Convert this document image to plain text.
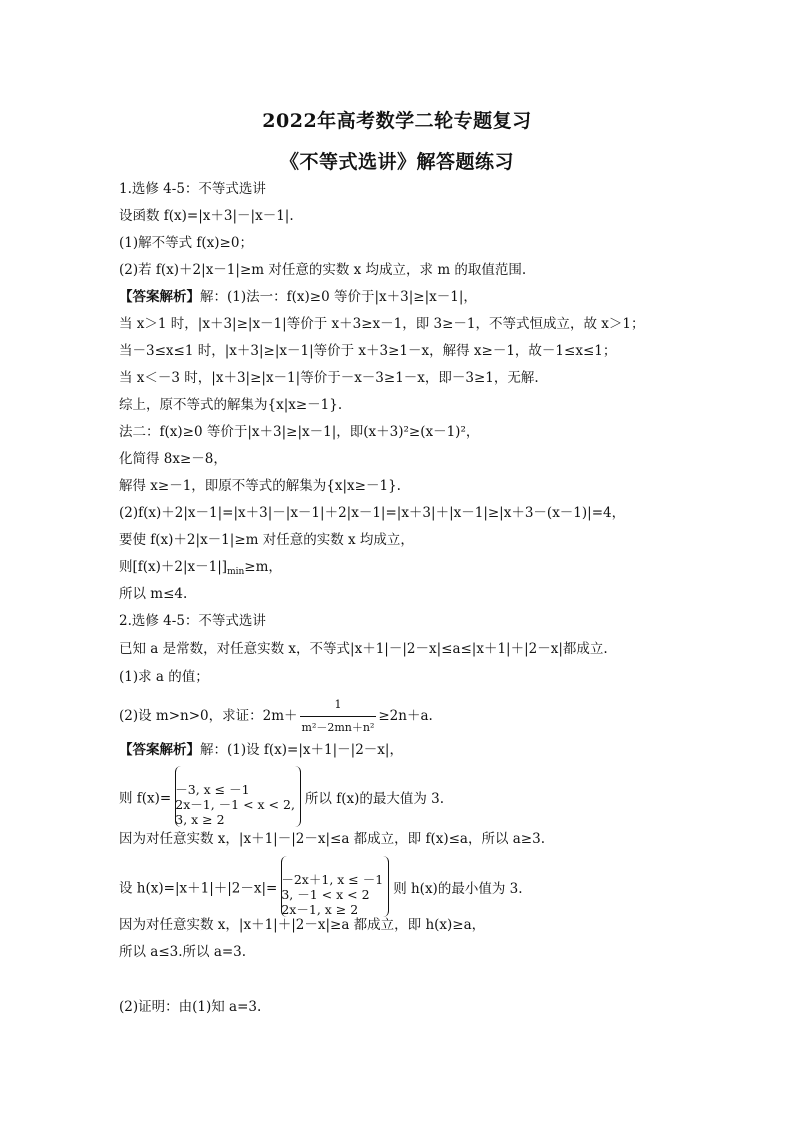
2022年高考数学二轮专题复习
《不等式选讲》解答题练习
1.选修 4-5：不等式选讲
设函数 f(x)=|x＋3|－|x－1|.
(1)解不等式 f(x)≥0；
(2)若 f(x)＋2|x－1|≥m 对任意的实数 x 均成立，求 m 的取值范围.
【答案解析】解：(1)法一：f(x)≥0 等价于|x＋3|≥|x－1|，
当 x＞1 时，|x＋3|≥|x－1|等价于 x＋3≥x－1，即 3≥－1，不等式恒成立，故 x＞1；
当－3≤x≤1 时，|x＋3|≥|x－1|等价于 x＋3≥1－x，解得 x≥－1，故－1≤x≤1；
当 x＜－3 时，|x＋3|≥|x－1|等价于－x－3≥1－x，即－3≥1，无解.
综上，原不等式的解集为{x|x≥－1}.
法二：f(x)≥0 等价于|x＋3|≥|x－1|，即(x＋3)²≥(x－1)²，
化简得 8x≥－8，
解得 x≥－1，即原不等式的解集为{x|x≥－1}.
(2)f(x)＋2|x－1|=|x＋3|－|x－1|＋2|x－1|=|x＋3|＋|x－1|≥|x＋3－(x－1)|=4，
要使 f(x)＋2|x－1|≥m 对任意的实数 x 均成立，
则$[f(x)+2|x-1|]_{min}\ge m$，
所以 m≤4.
2.选修 4-5：不等式选讲
已知 a 是常数，对任意实数 x，不等式|x＋1|－|2－x|≤a≤|x＋1|＋|2－x|都成立.
(1)求 a 的值；
(2)设 m>n>0，求证：$2m+ \frac{1}{\text{m²－2mn＋n²}} \ge 2n+a$.
【答案解析】解：(1)设 f(x)=|x＋1|－|2－x|，
则 f(x)=
－3, x ≤ －1
2x－1, －1 < x < 2,
3, x ≥ 2
所以 f(x)的最大值为 3.
因为对任意实数 x，|x＋1|－|2－x|≤a 都成立，即 f(x)≤a，所以 a≥3.
设 h(x)=|x＋1|＋|2－x|=
－2x＋1, x ≤ －1
3, －1 < x < 2
2x－1, x ≥ 2
则 h(x)的最小值为 3.
因为对任意实数 x，|x＋1|＋|2－x|≥a 都成立，即 h(x)≥a，
所以 a≤3.所以 a=3.
(2)证明：由(1)知 a=3.
